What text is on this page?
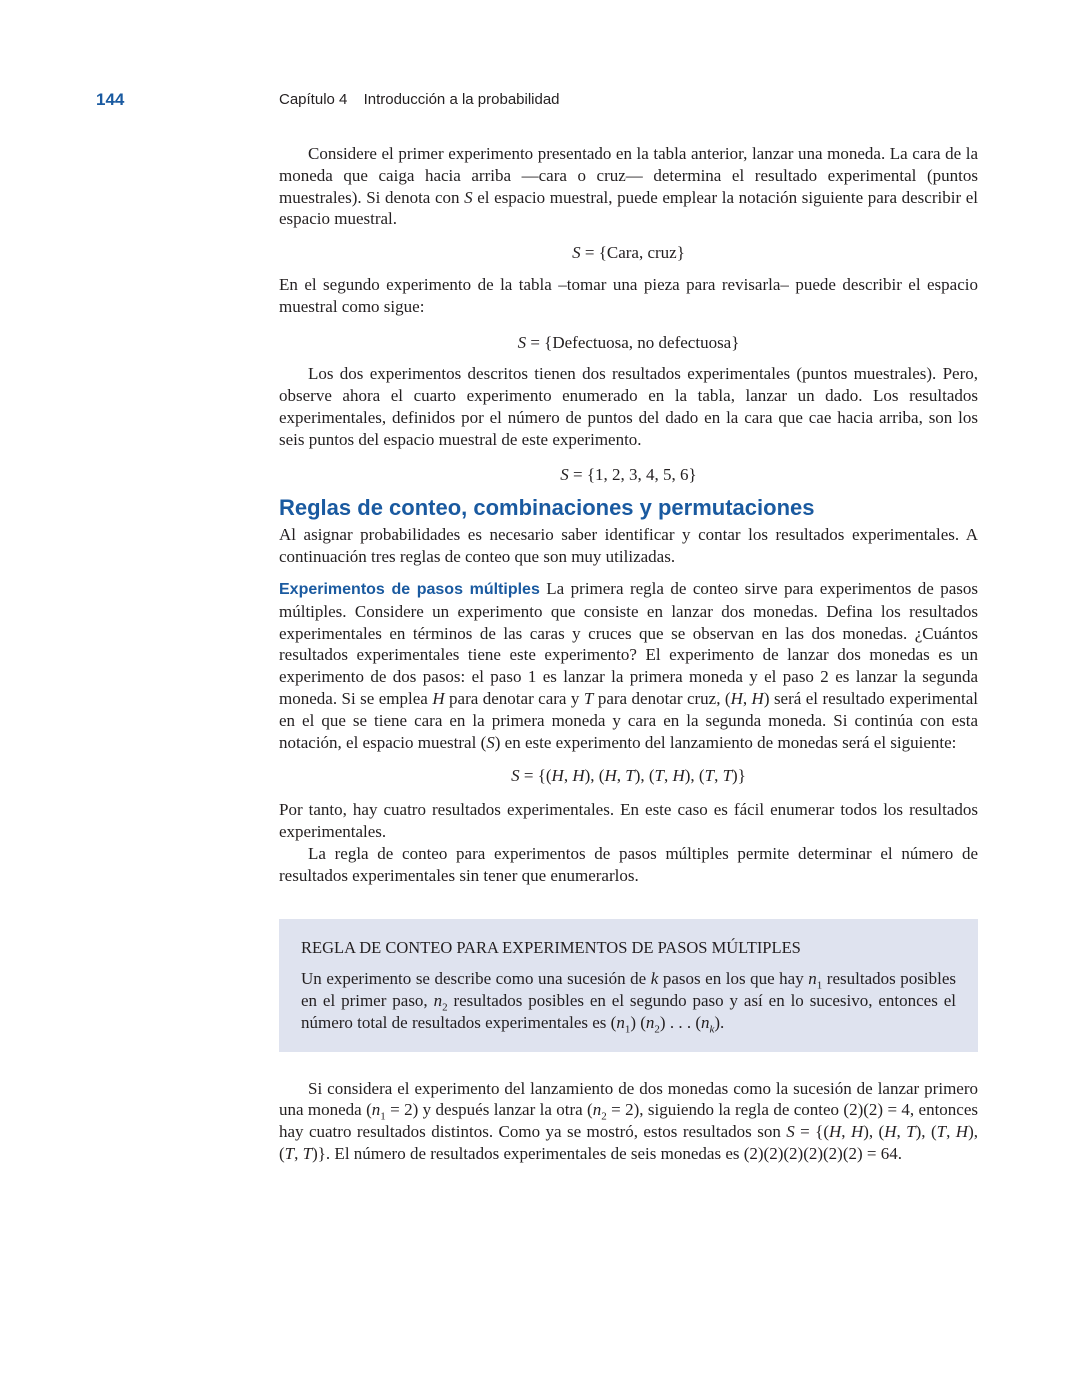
144	Capítulo 4 Introducción a la probabilidad

Considere el primer experimento presentado en la tabla anterior, lanzar una moneda. La cara de la moneda que caiga hacia arriba —cara o cruz— determina el resultado experimental (puntos muestrales). Si denota con S el espacio muestral, puede emplear la notación siguiente para describir el espacio muestral.

S = {Cara, cruz}

En el segundo experimento de la tabla –tomar una pieza para revisarla– puede describir el espacio muestral como sigue:

S = {Defectuosa, no defectuosa}

Los dos experimentos descritos tienen dos resultados experimentales (puntos muestrales). Pero, observe ahora el cuarto experimento enumerado en la tabla, lanzar un dado. Los resultados experimentales, definidos por el número de puntos del dado en la cara que cae hacia arriba, son los seis puntos del espacio muestral de este experimento.

S = {1, 2, 3, 4, 5, 6}
Reglas de conteo, combinaciones y permutaciones

Al asignar probabilidades es necesario saber identificar y contar los resultados experimentales. A continuación tres reglas de conteo que son muy utilizadas.

Experimentos de pasos múltiples La primera regla de conteo sirve para experimentos de pasos múltiples. Considere un experimento que consiste en lanzar dos monedas. Defina los resultados experimentales en términos de las caras y cruces que se observan en las dos monedas. ¿Cuántos resultados experimentales tiene este experimento? El experimento de lanzar dos monedas es un experimento de dos pasos: el paso 1 es lanzar la primera moneda y el paso 2 es lanzar la segunda moneda. Si se emplea H para denotar cara y T para denotar cruz, (H, H) será el resultado experimental en el que se tiene cara en la primera moneda y cara en la segunda moneda. Si continúa con esta notación, el espacio muestral (S) en este experimento del lanzamiento de monedas será el siguiente:

S = {(H, H), (H, T), (T, H), (T, T)}

Por tanto, hay cuatro resultados experimentales. En este caso es fácil enumerar todos los resultados experimentales.

La regla de conteo para experimentos de pasos múltiples permite determinar el número de resultados experimentales sin tener que enumerarlos.

REGLA DE CONTEO PARA EXPERIMENTOS DE PASOS MÚLTIPLES

Un experimento se describe como una sucesión de k pasos en los que hay $n_1$ resultados posibles en el primer paso, $n_2$ resultados posibles en el segundo paso y así en lo sucesivo, entonces el número total de resultados experimentales es $(n_1)$ $(n_2)$ . . . $(n_k)$.

Si considera el experimento del lanzamiento de dos monedas como la sucesión de lanzar primero una moneda $(n_1 = 2)$ y después lanzar la otra $(n_2 = 2)$, siguiendo la regla de conteo (2)(2) = 4, entonces hay cuatro resultados distintos. Como ya se mostró, estos resultados son S = {(H, H), (H, T), (T, H), (T, T)}. El número de resultados experimentales de seis monedas es (2)(2)(2)(2)(2)(2) = 64.
